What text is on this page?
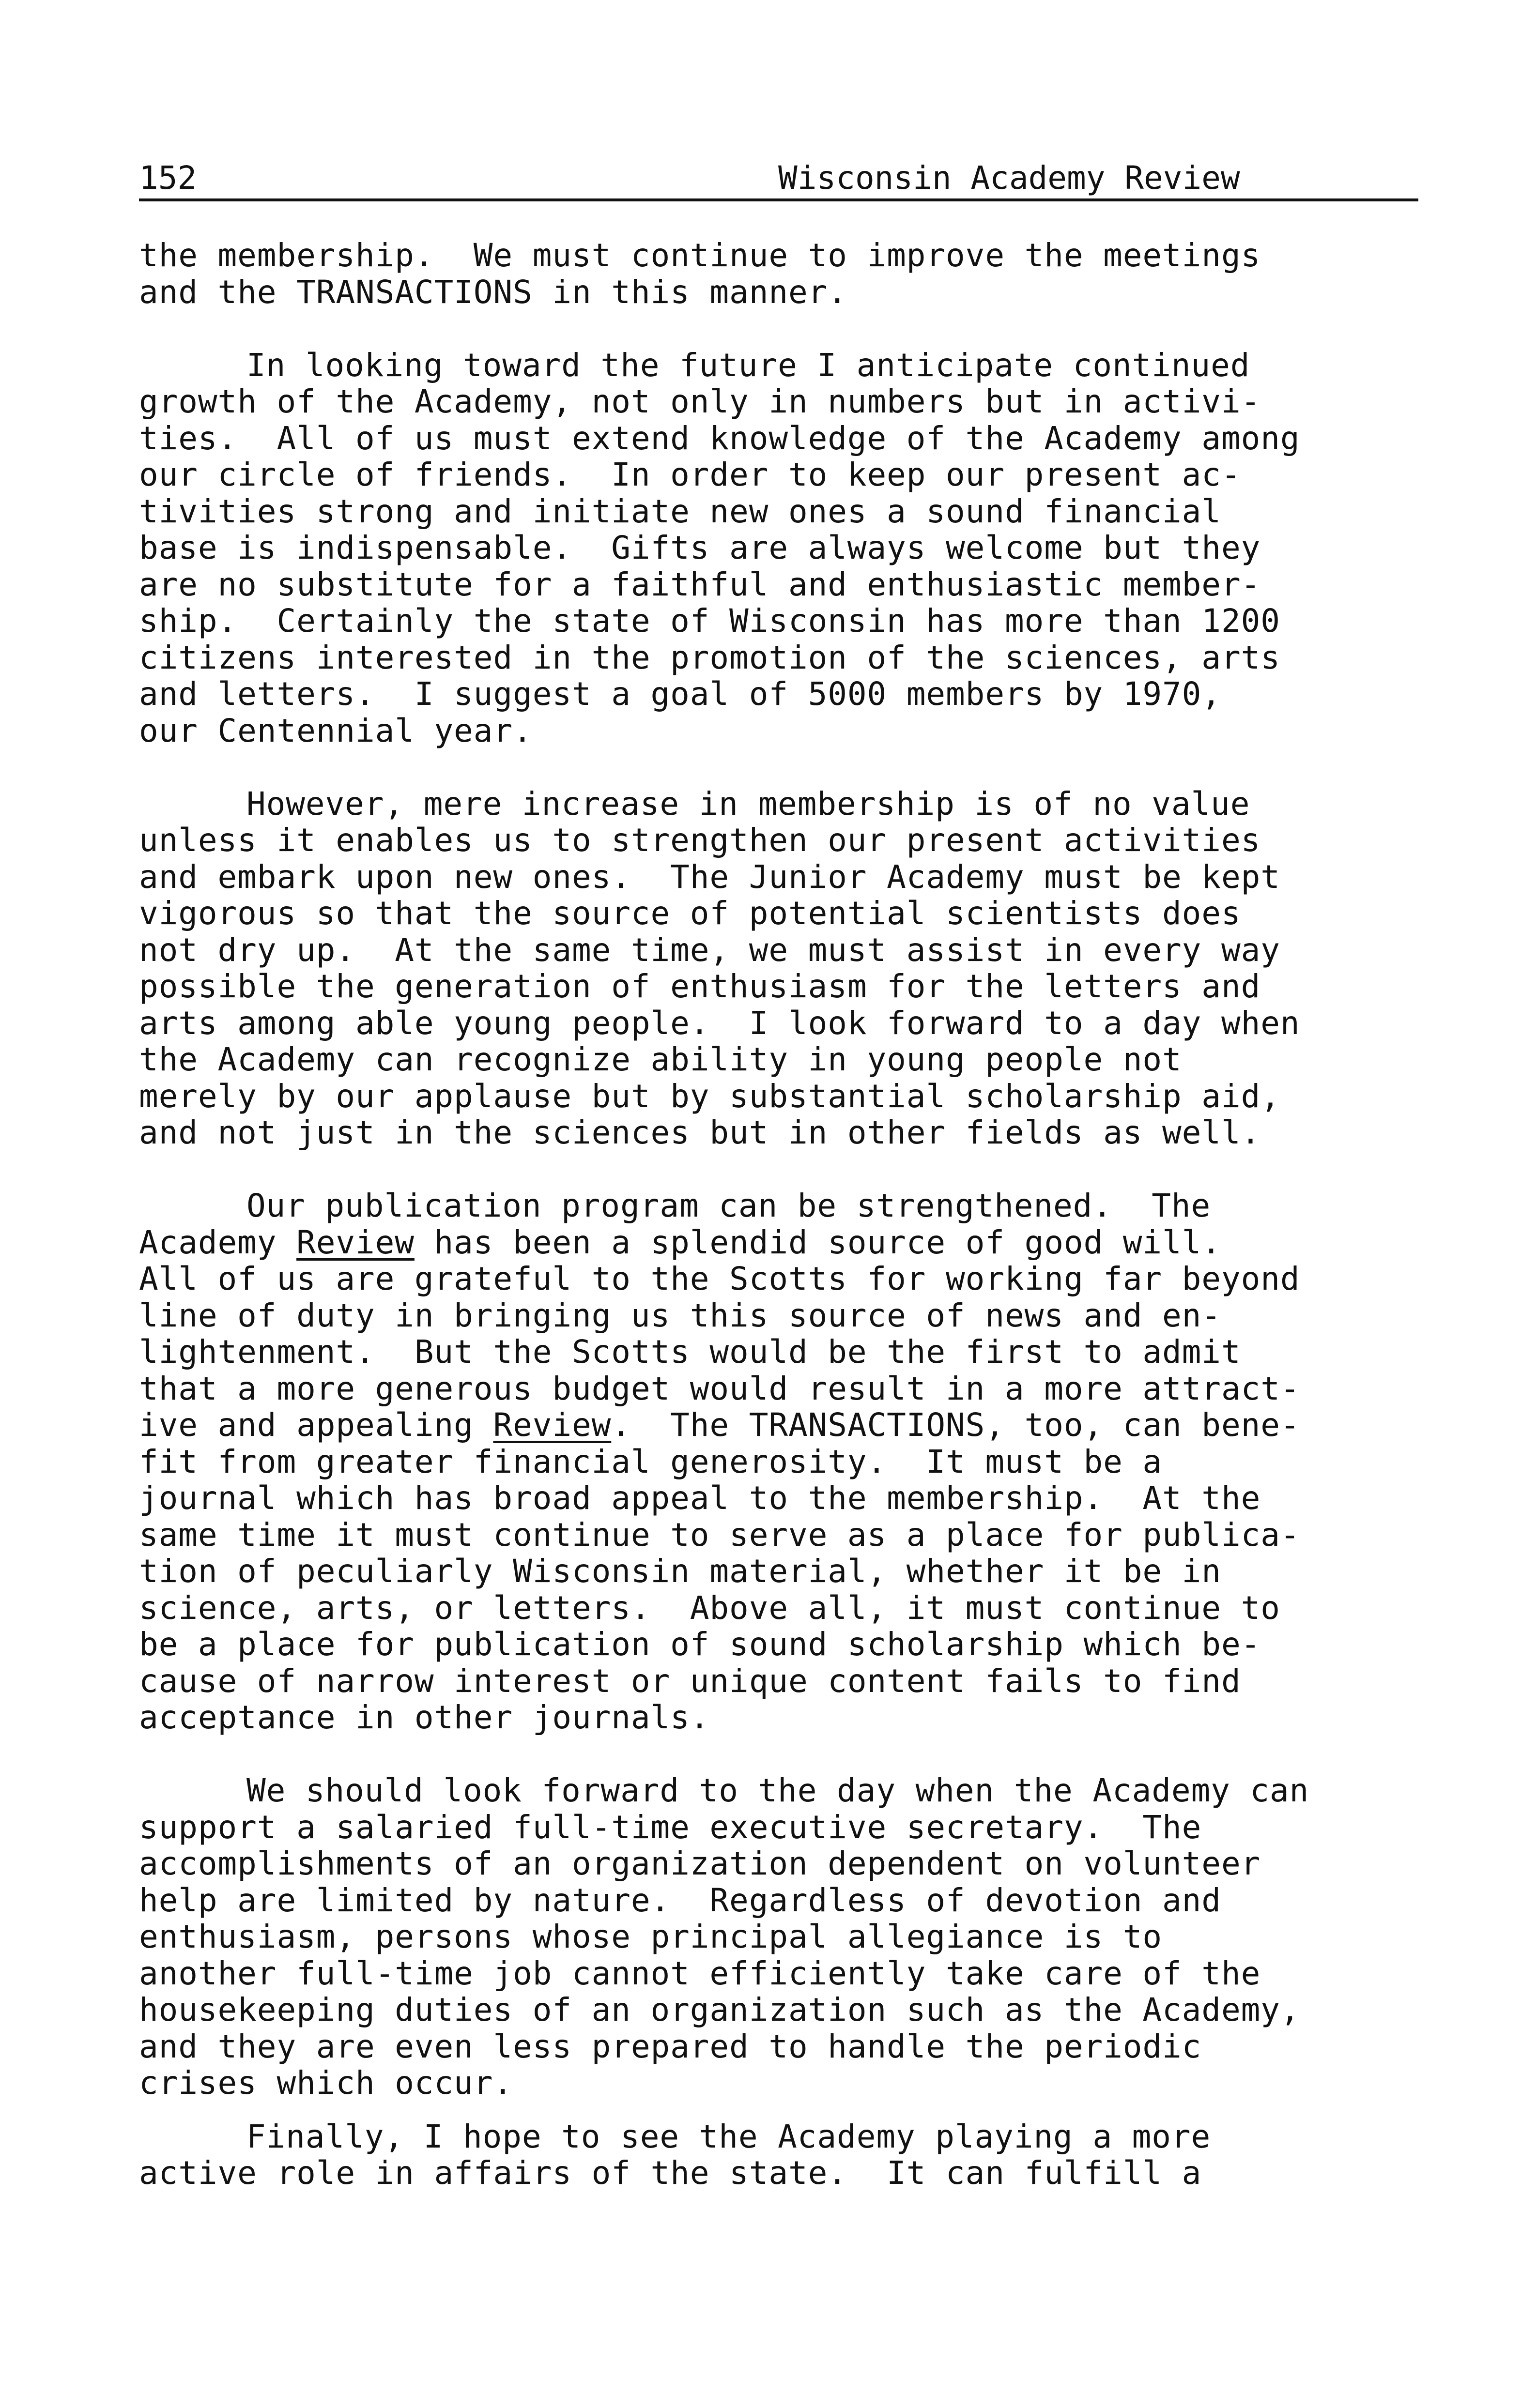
152	Wisconsin Academy Review
the membership.  We must continue to improve the meetings
and the TRANSACTIONS in this manner.
In looking toward the future I anticipate continued
growth of the Academy, not only in numbers but in activi-
ties.  All of us must extend knowledge of the Academy among
our circle of friends.  In order to keep our present ac-
tivities strong and initiate new ones a sound financial
base is indispensable.  Gifts are always welcome but they
are no substitute for a faithful and enthusiastic member-
ship.  Certainly the state of Wisconsin has more than 1200
citizens interested in the promotion of the sciences, arts
and letters.  I suggest a goal of 5000 members by 1970,
our Centennial year.
However, mere increase in membership is of no value
unless it enables us to strengthen our present activities
and embark upon new ones.  The Junior Academy must be kept
vigorous so that the source of potential scientists does
not dry up.  At the same time, we must assist in every way
possible the generation of enthusiasm for the letters and
arts among able young people.  I look forward to a day when
the Academy can recognize ability in young people not
merely by our applause but by substantial scholarship aid,
and not just in the sciences but in other fields as well.
Our publication program can be strengthened.  The
Academy Review has been a splendid source of good will.
All of us are grateful to the Scotts for working far beyond
line of duty in bringing us this source of news and en-
lightenment.  But the Scotts would be the first to admit
that a more generous budget would result in a more attract-
ive and appealing Review.  The TRANSACTIONS, too, can bene-
fit from greater financial generosity.  It must be a
journal which has broad appeal to the membership.  At the
same time it must continue to serve as a place for publica-
tion of peculiarly Wisconsin material, whether it be in
science, arts, or letters.  Above all, it must continue to
be a place for publication of sound scholarship which be-
cause of narrow interest or unique content fails to find
acceptance in other journals.
We should look forward to the day when the Academy can
support a salaried full-time executive secretary.  The
accomplishments of an organization dependent on volunteer
help are limited by nature.  Regardless of devotion and
enthusiasm, persons whose principal allegiance is to
another full-time job cannot efficiently take care of the
housekeeping duties of an organization such as the Academy,
and they are even less prepared to handle the periodic
crises which occur.
Finally, I hope to see the Academy playing a more
active role in affairs of the state.  It can fulfill a
